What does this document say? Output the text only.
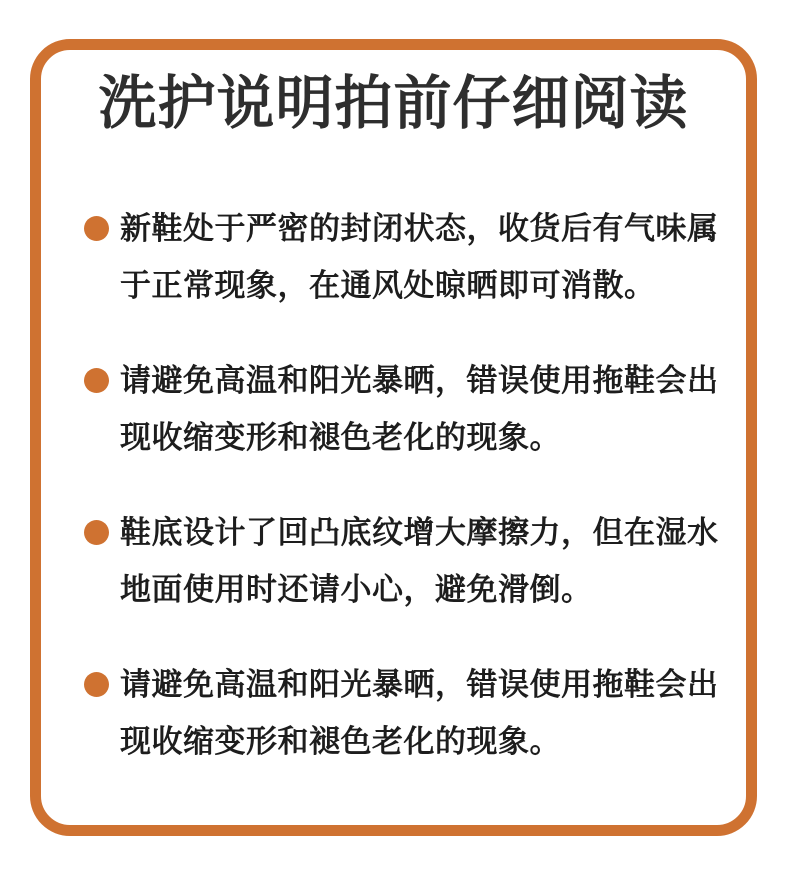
洗护说明拍前仔细阅读
新鞋处于严密的封闭状态，收货后有气味属于正常现象，在通风处晾晒即可消散。
请避免高温和阳光暴晒，错误使用拖鞋会出现收缩变形和褪色老化的现象。
鞋底设计了回凸底纹增大摩擦力，但在湿水地面使用时还请小心，避免滑倒。
请避免高温和阳光暴晒，错误使用拖鞋会出现收缩变形和褪色老化的现象。
